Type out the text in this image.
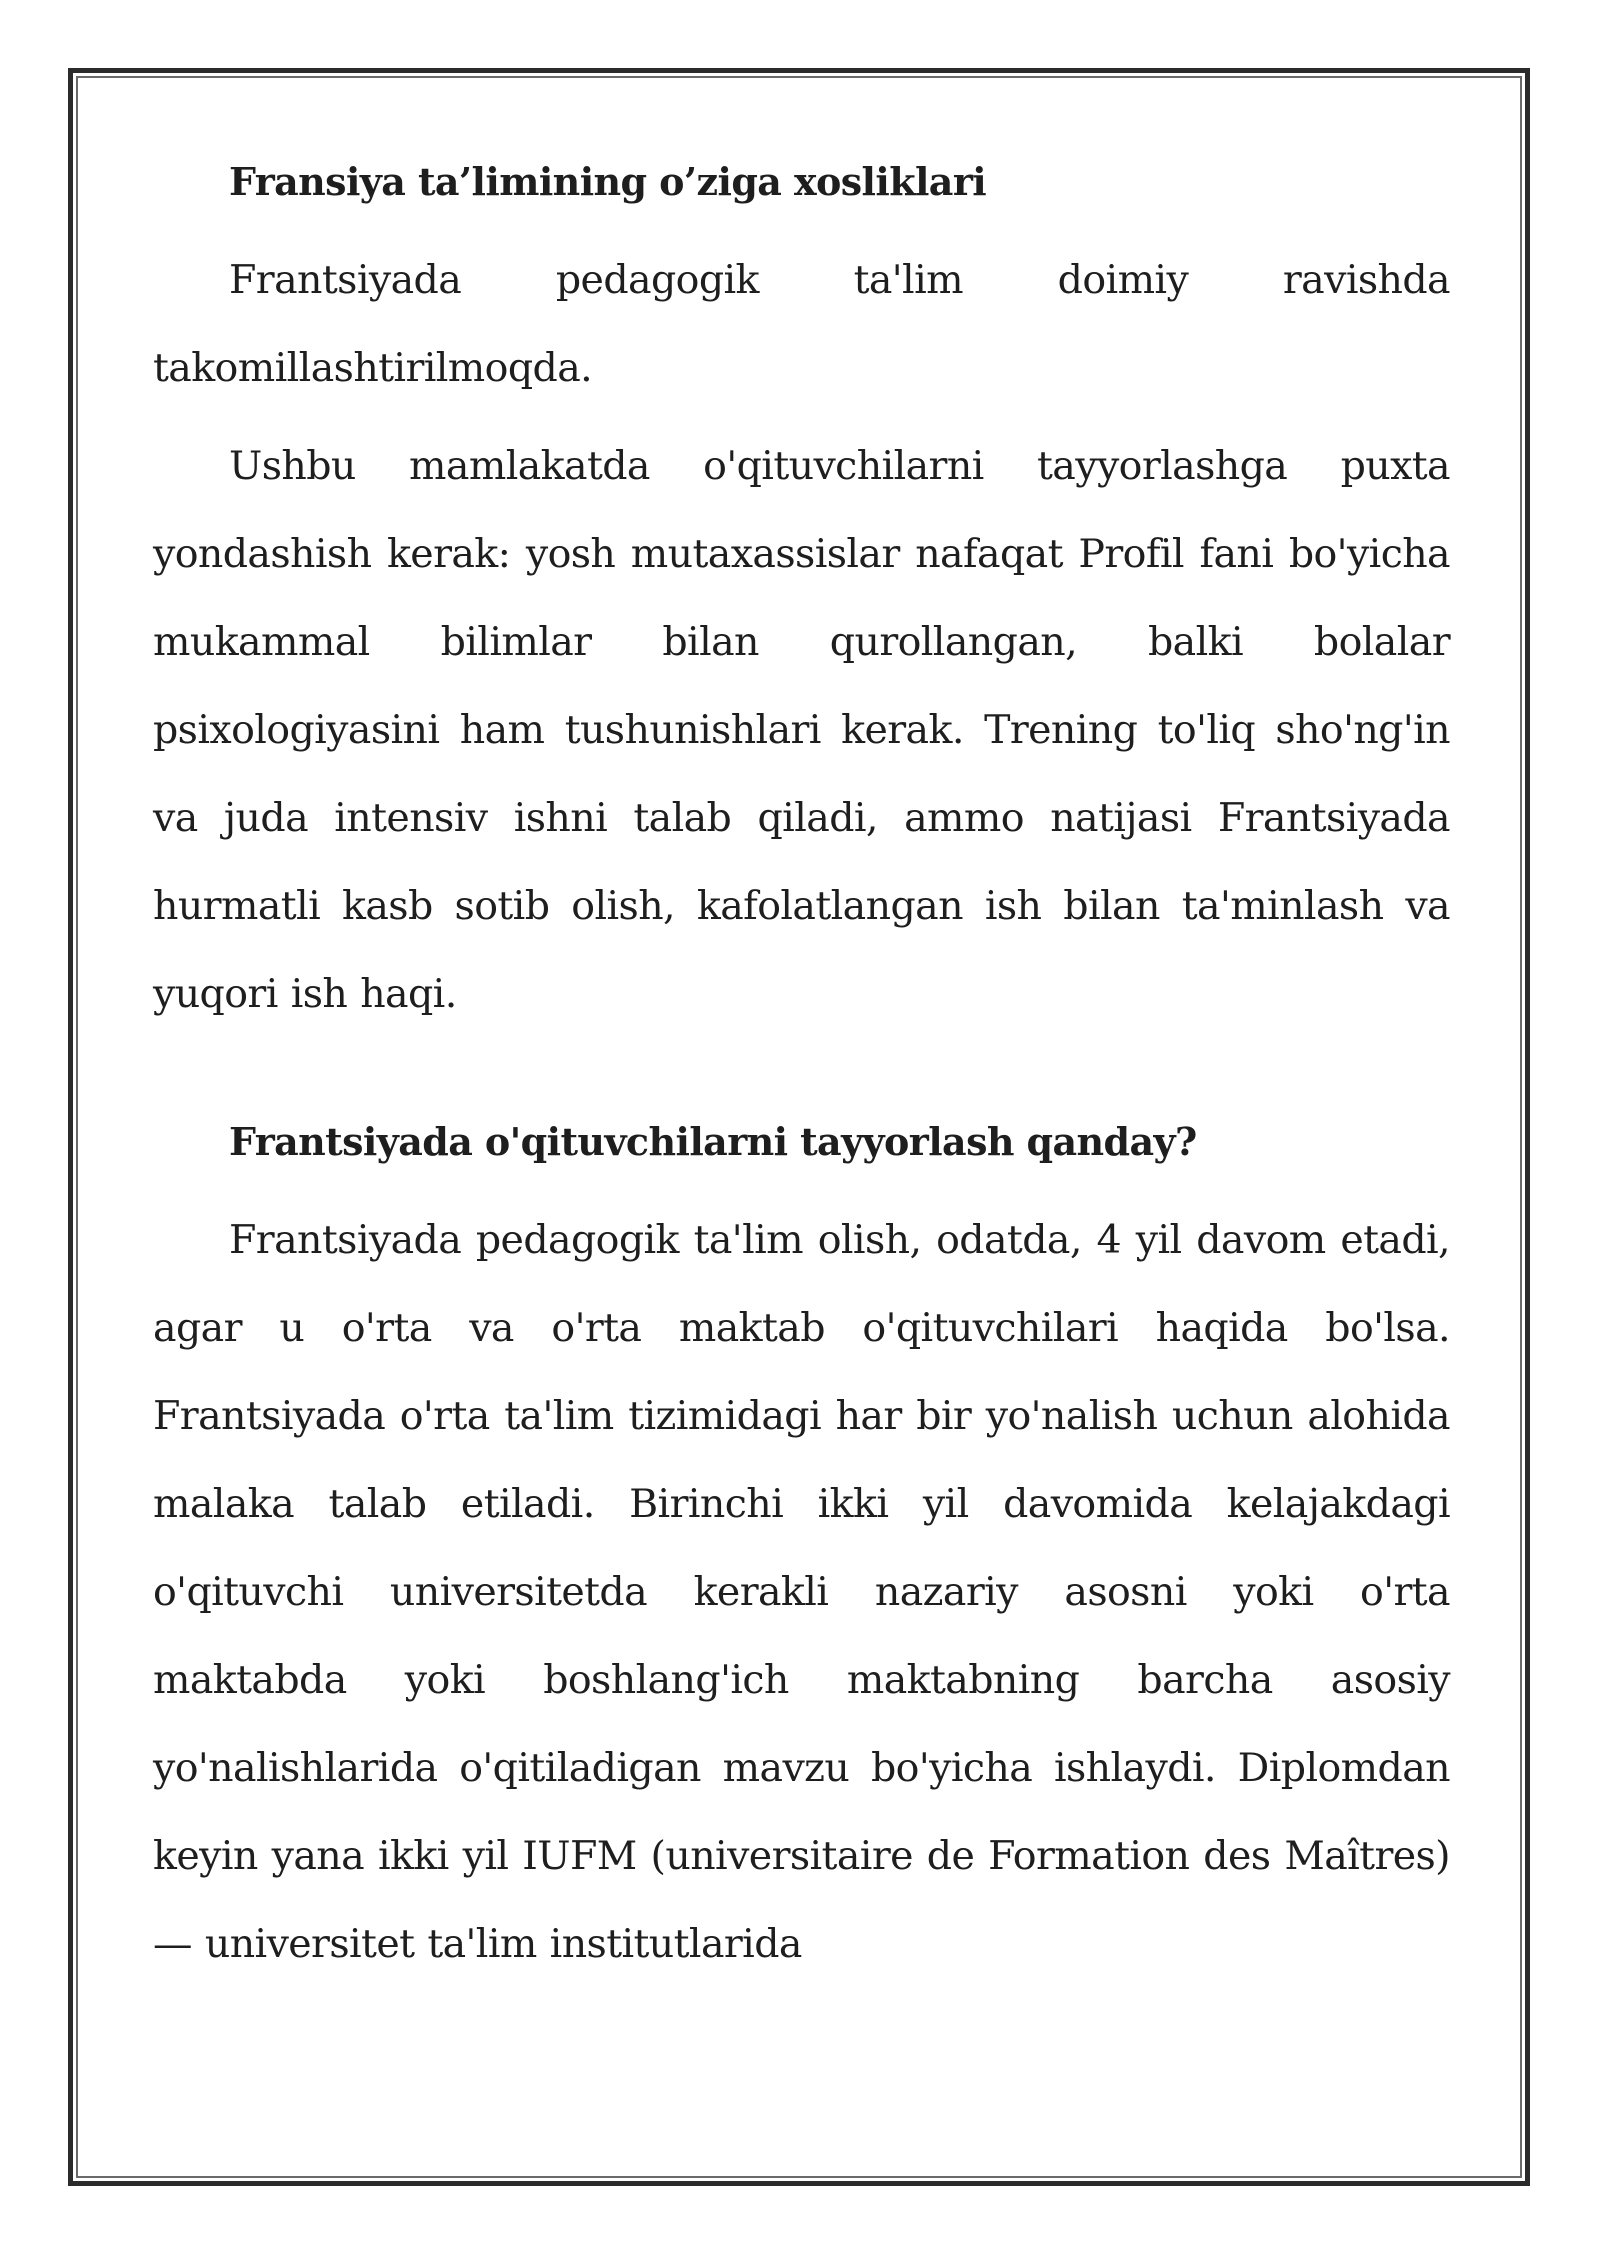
Fransiya ta’limining o’ziga xosliklari

Frantsiyada pedagogik ta'lim doimiy ravishda takomillashtirilmoqda.

Ushbu mamlakatda o'qituvchilarni tayyorlashga puxta yondashish kerak: yosh mutaxassislar nafaqat Profil fani bo'yicha mukammal bilimlar bilan qurollangan, balki bolalar psixologiyasini ham tushunishlari kerak. Trening to'liq sho'ng'in va juda intensiv ishni talab qiladi, ammo natijasi Frantsiyada hurmatli kasb sotib olish, kafolatlangan ish bilan ta'minlash va yuqori ish haqi.

Frantsiyada o'qituvchilarni tayyorlash qanday?

Frantsiyada pedagogik ta'lim olish, odatda, 4 yil davom etadi, agar u o'rta va o'rta maktab o'qituvchilari haqida bo'lsa. Frantsiyada o'rta ta'lim tizimidagi har bir yo'nalish uchun alohida malaka talab etiladi. Birinchi ikki yil davomida kelajakdagi o'qituvchi universitetda kerakli nazariy asosni yoki o'rta maktabda yoki boshlang'ich maktabning barcha asosiy yo'nalishlarida o'qitiladigan mavzu bo'yicha ishlaydi. Diplomdan keyin yana ikki yil IUFM (universitaire de Formation des Maîtres) — universitet ta'lim institutlarida
